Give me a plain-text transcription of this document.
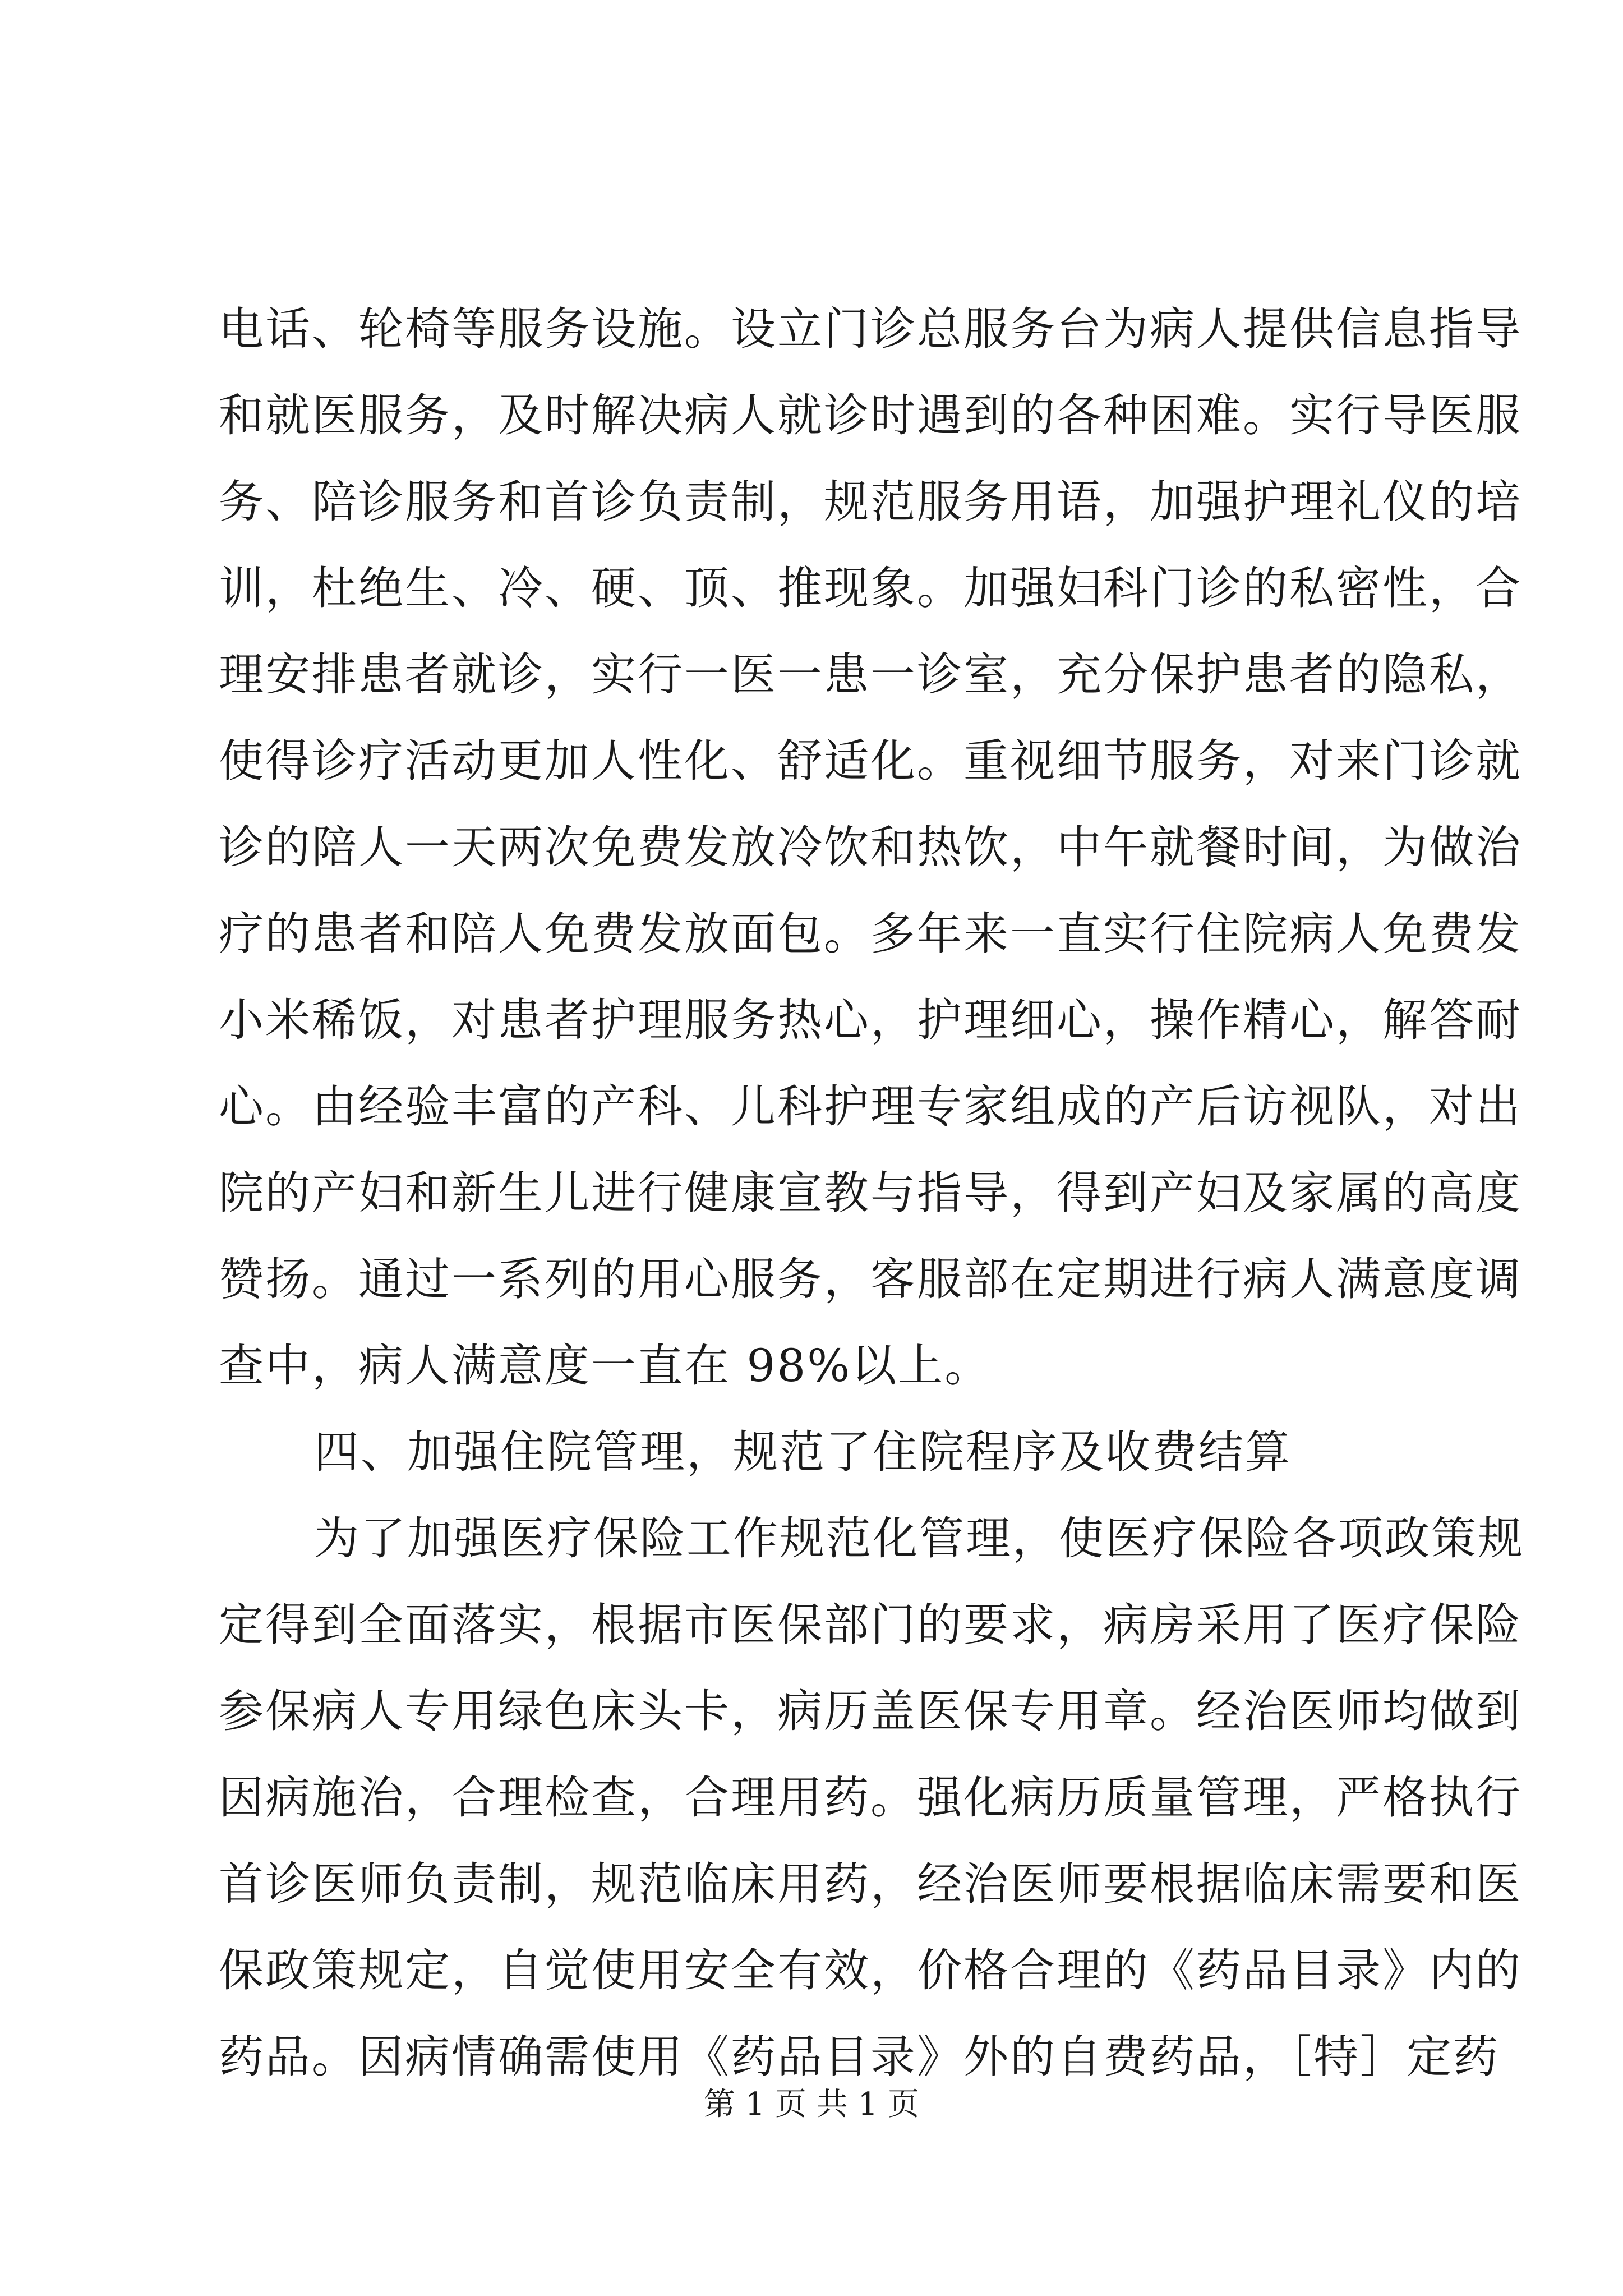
电话、轮椅等服务设施。设立门诊总服务台为病人提供信息指导
和就医服务，及时解决病人就诊时遇到的各种困难。实行导医服
务、陪诊服务和首诊负责制，规范服务用语，加强护理礼仪的培
训，杜绝生、冷、硬、顶、推现象。加强妇科门诊的私密性，合
理安排患者就诊，实行一医一患一诊室，充分保护患者的隐私，
使得诊疗活动更加人性化、舒适化。重视细节服务，对来门诊就
诊的陪人一天两次免费发放冷饮和热饮，中午就餐时间，为做治
疗的患者和陪人免费发放面包。多年来一直实行住院病人免费发
小米稀饭，对患者护理服务热心，护理细心，操作精心，解答耐
心。由经验丰富的产科、儿科护理专家组成的产后访视队，对出
院的产妇和新生儿进行健康宣教与指导，得到产妇及家属的高度
赞扬。通过一系列的用心服务，客服部在定期进行病人满意度调
查中，病人满意度一直在 98%以上。
四、加强住院管理，规范了住院程序及收费结算
为了加强医疗保险工作规范化管理，使医疗保险各项政策规
定得到全面落实，根据市医保部门的要求，病房采用了医疗保险
参保病人专用绿色床头卡，病历盖医保专用章。经治医师均做到
因病施治，合理检查，合理用药。强化病历质量管理，严格执行
首诊医师负责制，规范临床用药，经治医师要根据临床需要和医
保政策规定，自觉使用安全有效，价格合理的《药品目录》内的
药品。因病情确需使用《药品目录》外的自费药品，［特］定药
第 1 页 共 1 页
